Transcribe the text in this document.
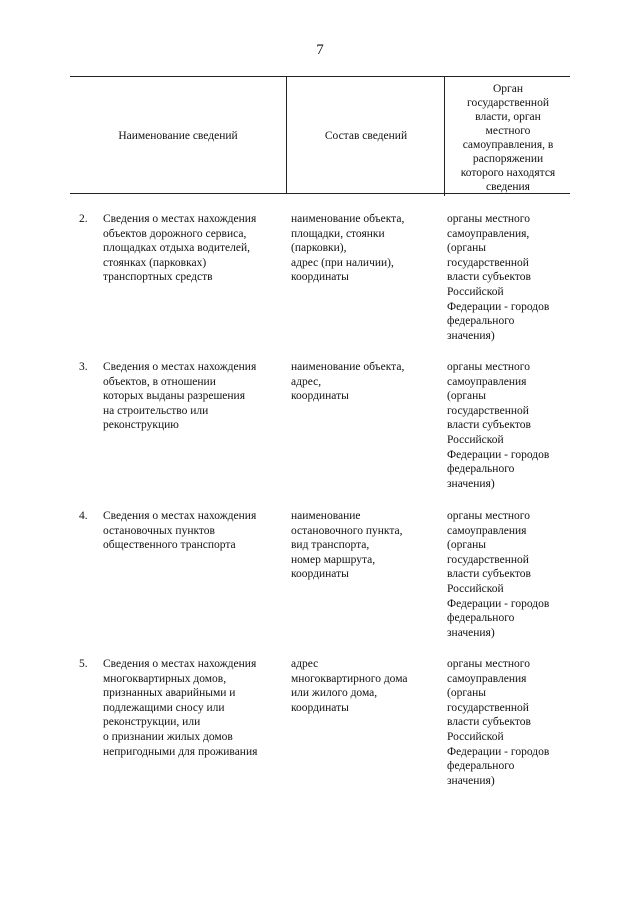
7
Наименование сведений	Состав сведений
Орган государственной власти, орган местного самоуправления, в распоряжении которого находятся сведения
2. Сведения о местах нахождения
объектов дорожного сервиса,
площадках отдыха водителей,
стоянках (парковках)
транспортных средств
наименование объекта,
площадки, стоянки
(парковки),
адрес (при наличии),
координаты
органы местного
самоуправления,
(органы
государственной
власти субъектов
Российской
Федерации - городов
федерального
значения)
3. Сведения о местах нахождения
объектов, в отношении
которых выданы разрешения
на строительство или
реконструкцию
наименование объекта,
адрес,
координаты
органы местного
самоуправления
(органы
государственной
власти субъектов
Российской
Федерации - городов
федерального
значения)
4. Сведения о местах нахождения
остановочных пунктов
общественного транспорта
наименование
остановочного пункта,
вид транспорта,
номер маршрута,
координаты
органы местного
самоуправления
(органы
государственной
власти субъектов
Российской
Федерации - городов
федерального
значения)
5. Сведения о местах нахождения
многоквартирных домов,
признанных аварийными и
подлежащими сносу или
реконструкции, или
о признании жилых домов
непригодными для проживания
адрес
многоквартирного дома
или жилого дома,
координаты
органы местного
самоуправления
(органы
государственной
власти субъектов
Российской
Федерации - городов
федерального
значения)
